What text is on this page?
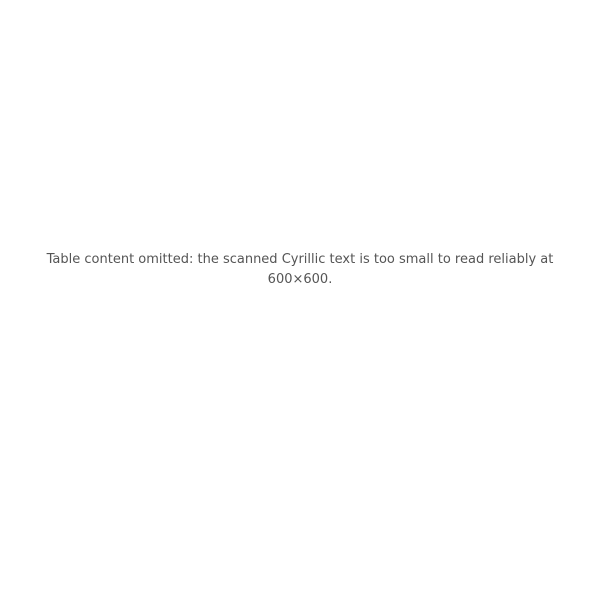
Table content omitted: the scanned Cyrillic text is too small to read reliably at 600×600.
